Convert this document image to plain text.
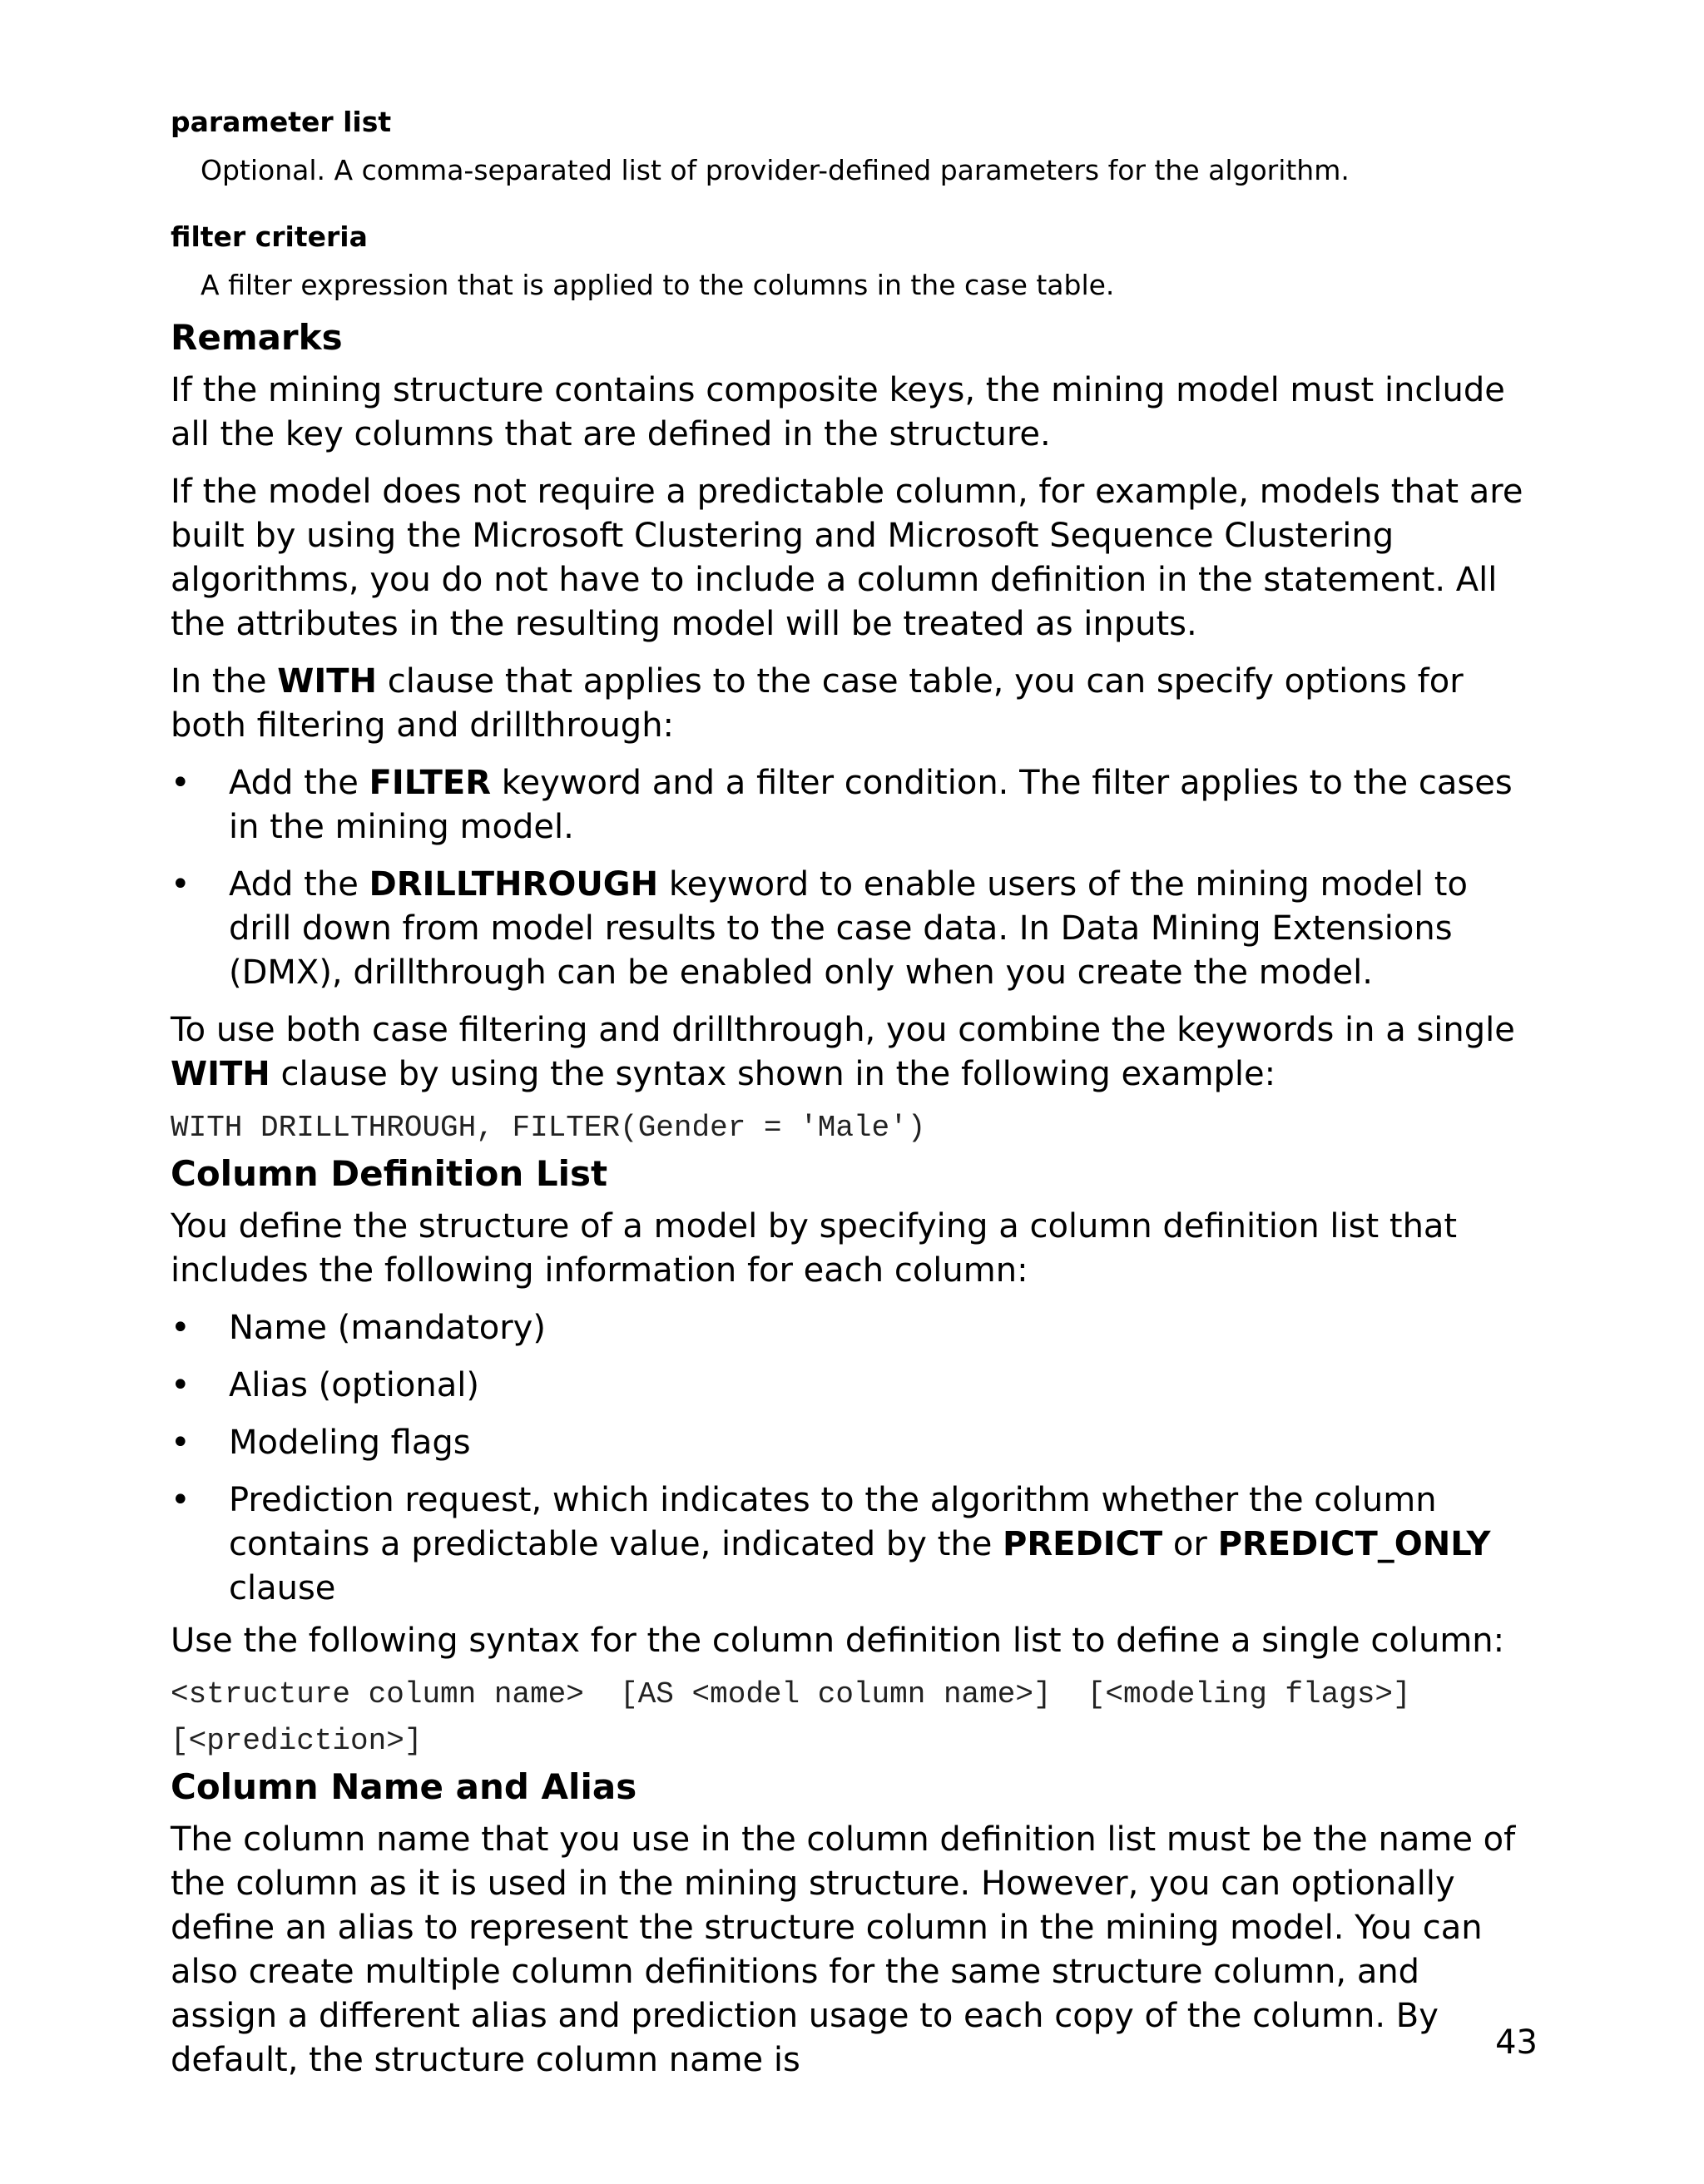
parameter list

Optional. A comma-separated list of provider-defined parameters for the algorithm.

filter criteria

A filter expression that is applied to the columns in the case table.

Remarks

If the mining structure contains composite keys, the mining model must include all the key columns that are defined in the structure.

If the model does not require a predictable column, for example, models that are built by using the Microsoft Clustering and Microsoft Sequence Clustering algorithms, you do not have to include a column definition in the statement. All the attributes in the resulting model will be treated as inputs.

In the WITH clause that applies to the case table, you can specify options for both filtering and drillthrough:

• Add the FILTER keyword and a filter condition. The filter applies to the cases in the mining model.
• Add the DRILLTHROUGH keyword to enable users of the mining model to drill down from model results to the case data. In Data Mining Extensions (DMX), drillthrough can be enabled only when you create the model.

To use both case filtering and drillthrough, you combine the keywords in a single WITH clause by using the syntax shown in the following example:

WITH DRILLTHROUGH, FILTER(Gender = 'Male')

Column Definition List

You define the structure of a model by specifying a column definition list that includes the following information for each column:

• Name (mandatory)
• Alias (optional)
• Modeling flags
• Prediction request, which indicates to the algorithm whether the column contains a predictable value, indicated by the PREDICT or PREDICT_ONLY clause

Use the following syntax for the column definition list to define a single column:

<structure column name>  [AS <model column name>]  [<modeling flags>]
[<prediction>]

Column Name and Alias

The column name that you use in the column definition list must be the name of the column as it is used in the mining structure. However, you can optionally define an alias to represent the structure column in the mining model. You can also create multiple column definitions for the same structure column, and assign a different alias and prediction usage to each copy of the column. By default, the structure column name is	43
